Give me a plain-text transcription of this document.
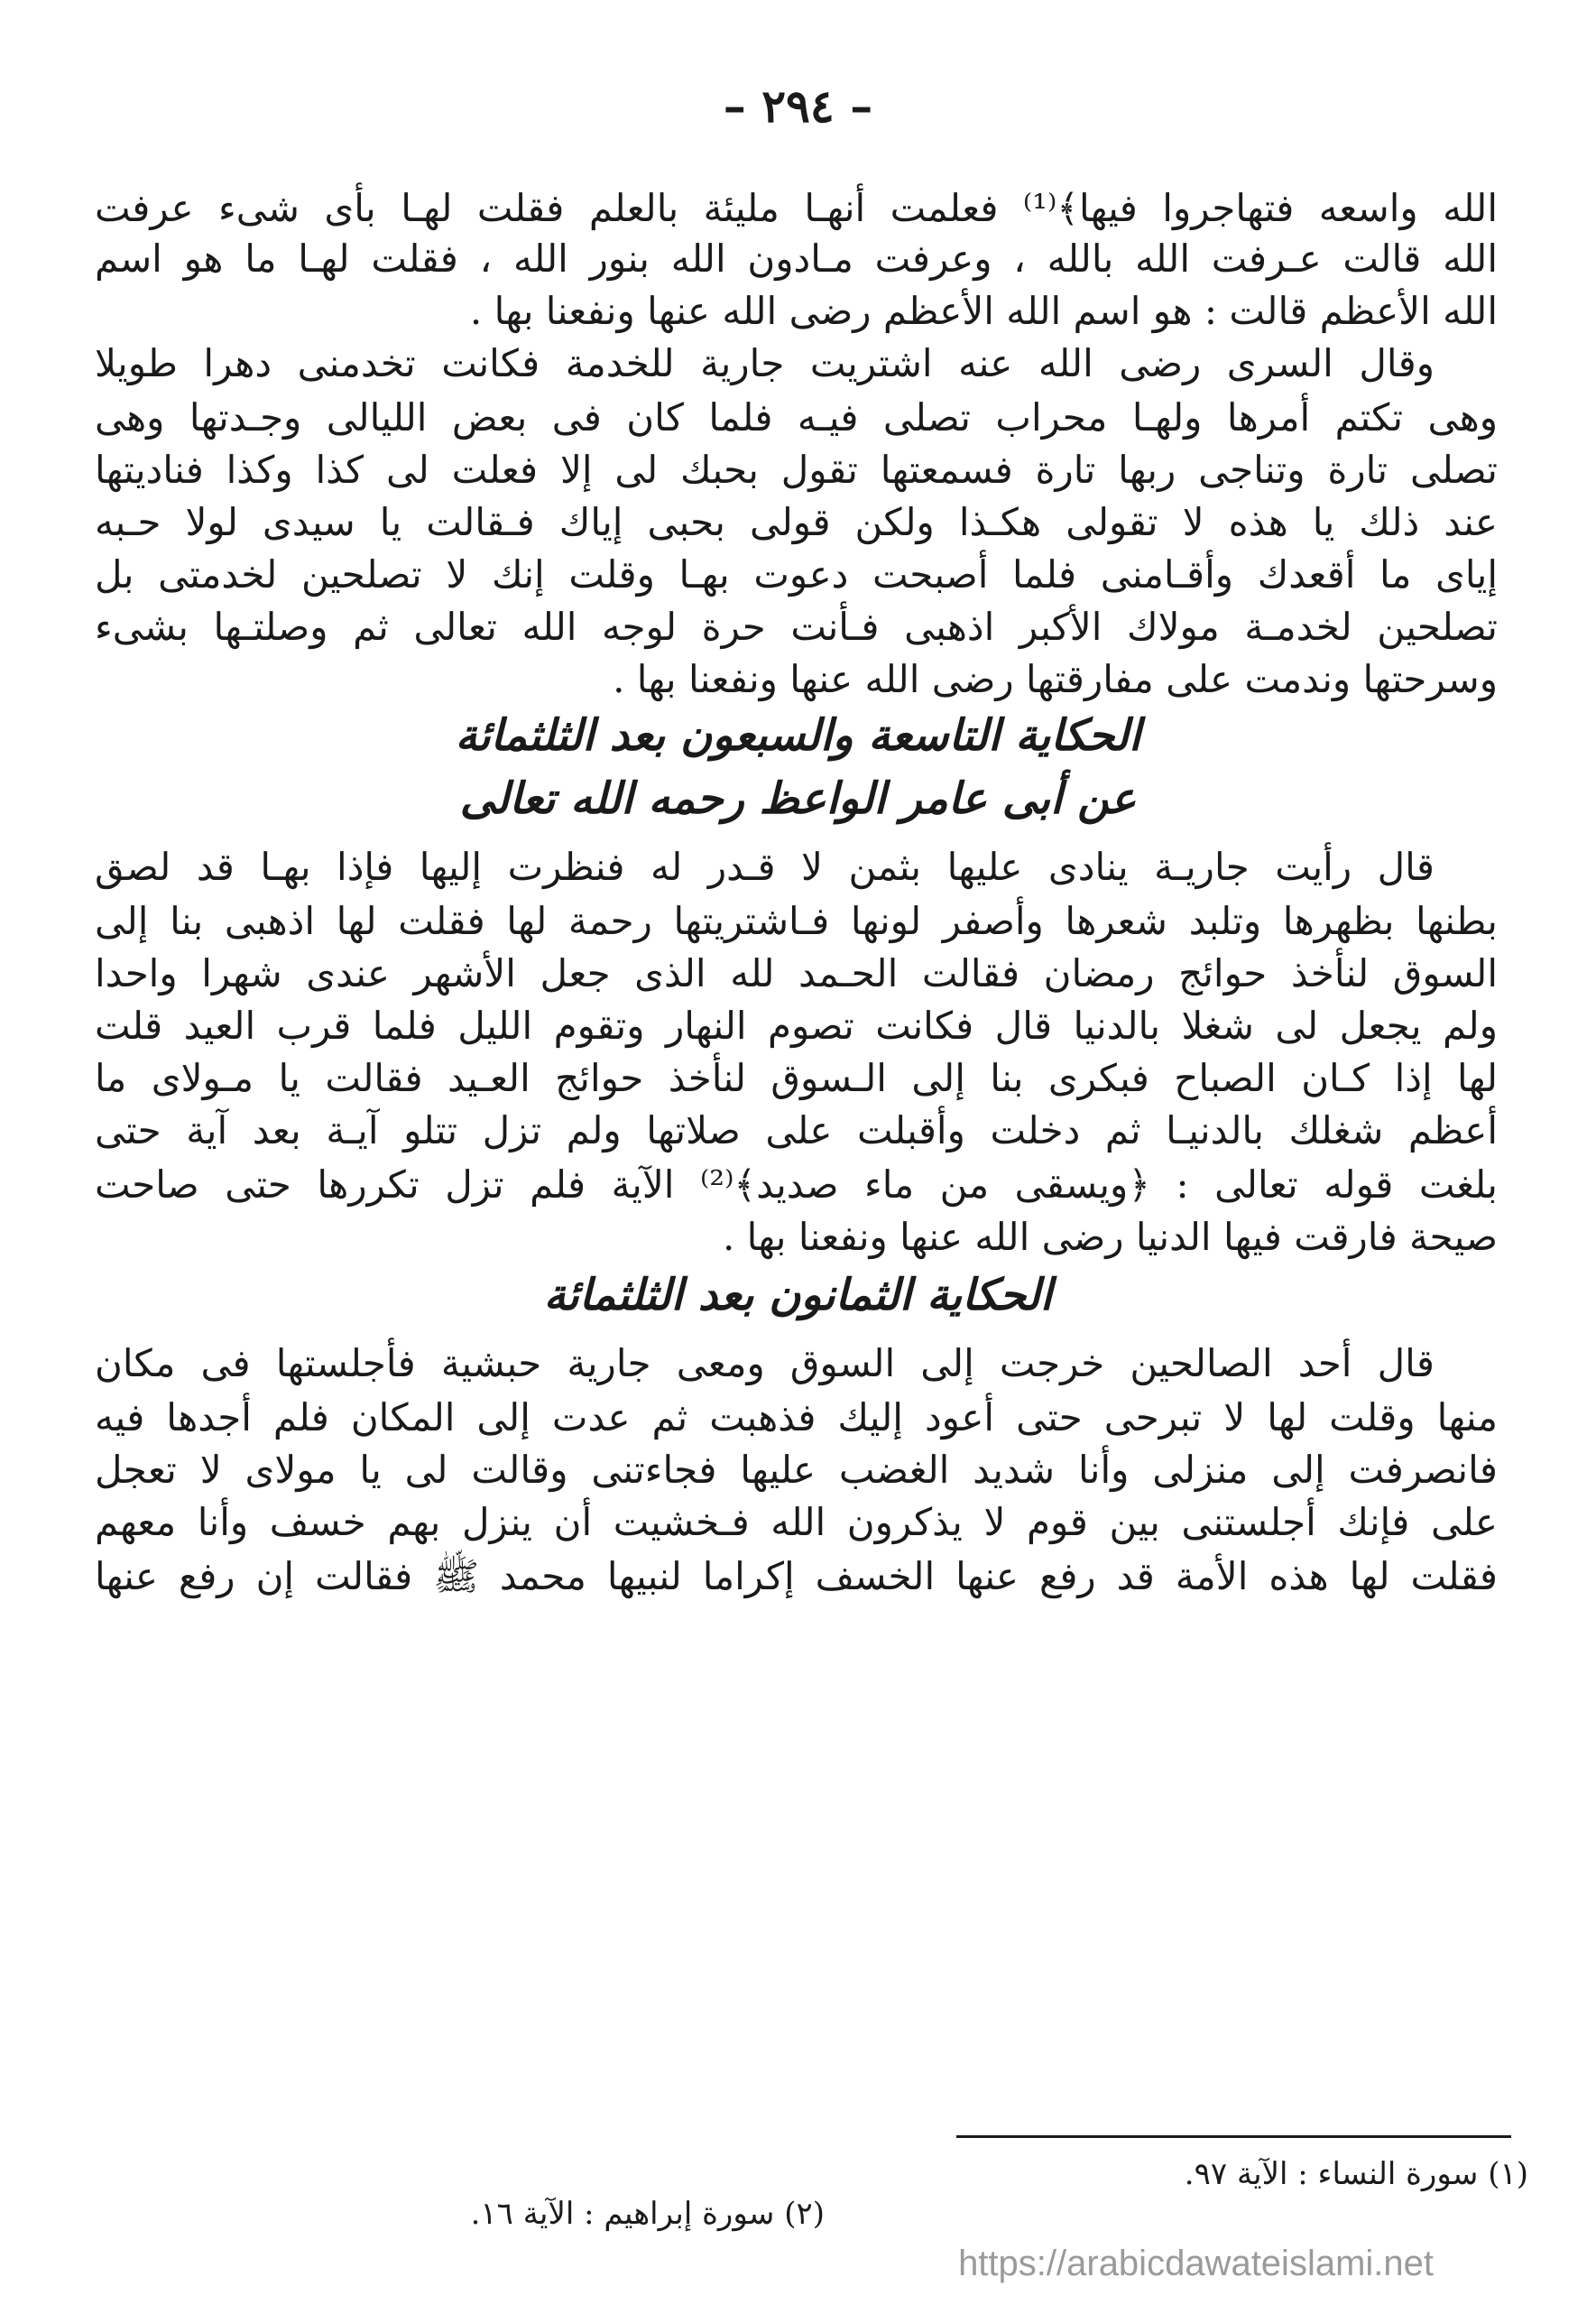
– ٢٩٤ –
الله واسعه فتهاجروا فيها﴾⁽¹⁾ فعلمت أنهـا مليئة بالعلم فقلت لهـا بأى شىء عرفت
الله قالت عـرفت الله بالله ، وعرفت مـادون الله بنور الله ، فقلت لهـا ما هو اسم
الله الأعظم قالت : هو اسم الله الأعظم رضى الله عنها ونفعنا بها .
وقال السرى رضى الله عنه اشتريت جارية للخدمة فكانت تخدمنى دهرا طويلا
وهى تكتم أمرها ولهـا محراب تصلى فيـه فلما كان فى بعض الليالى وجـدتها وهى
تصلى تارة وتناجى ربها تارة فسمعتها تقول بحبك لى إلا فعلت لى كذا وكذا فناديتها
عند ذلك يا هذه لا تقولى هكـذا ولكن قولى بحبى إياك فـقالت يا سيدى لولا حـبه
إياى ما أقعدك وأقـامنى فلما أصبحت دعوت بهـا وقلت إنك لا تصلحين لخدمتى بل
تصلحين لخدمـة مولاك الأكبر اذهبى فـأنت حرة لوجه الله تعالى ثم وصلتـها بشىء
وسرحتها وندمت على مفارقتها رضى الله عنها ونفعنا بها .
الحكاية التاسعة والسبعون بعد الثلثمائة
عن أبى عامر الواعظ رحمه الله تعالى
قال رأيت جاريـة ينادى عليها بثمن لا قـدر له فنظرت إليها فإذا بهـا قد لصق
بطنها بظهرها وتلبد شعرها وأصفر لونها فـاشتريتها رحمة لها فقلت لها اذهبى بنا إلى
السوق لنأخذ حوائج رمضان فقالت الحـمد لله الذى جعل الأشهر عندى شهرا واحدا
ولم يجعل لى شغلا بالدنيا قال فكانت تصوم النهار وتقوم الليل فلما قرب العيد قلت
لها إذا كـان الصباح فبكرى بنا إلى الـسوق لنأخذ حوائج العـيد فقالت يا مـولاى ما
أعظم شغلك بالدنيـا ثم دخلت وأقبلت على صلاتها ولم تزل تتلو آيـة بعد آية حتى
بلغت قوله تعالى : ﴿ويسقى من ماء صديد﴾⁽²⁾ الآية فلم تزل تكررها حتى صاحت
صيحة فارقت فيها الدنيا رضى الله عنها ونفعنا بها .
الحكاية الثمانون بعد الثلثمائة
قال أحد الصالحين خرجت إلى السوق ومعى جارية حبشية فأجلستها فى مكان
منها وقلت لها لا تبرحى حتى أعود إليك فذهبت ثم عدت إلى المكان فلم أجدها فيه
فانصرفت إلى منزلى وأنا شديد الغضب عليها فجاءتنى وقالت لى يا مولاى لا تعجل
على فإنك أجلستنى بين قوم لا يذكرون الله فـخشيت أن ينزل بهم خسف وأنا معهم
فقلت لها هذه الأمة قد رفع عنها الخسف إكراما لنبيها محمد ﷺ فقالت إن رفع عنها
(١) سورة النساء : الآية ٩٧.
(٢) سورة إبراهيم : الآية ١٦.
https://arabicdawateislami.net
